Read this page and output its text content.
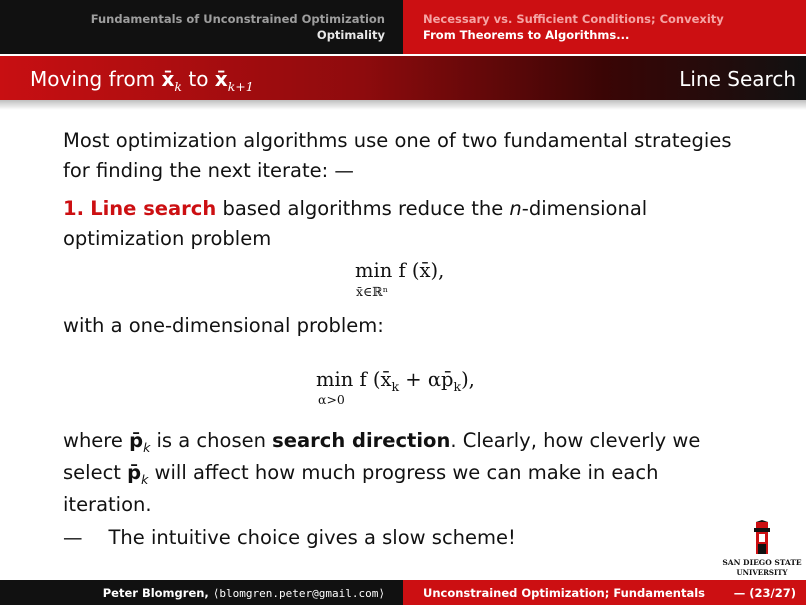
Fundamentals of Unconstrained Optimization
Optimality
Necessary vs. Sufficient Conditions; Convexity
From Theorems to Algorithms...
Moving from $x̄_k$ to $x̄_{k+1}$	Line Search

Most optimization algorithms use one of two fundamental strategies for finding the next iterate: —

1. Line search based algorithms reduce the n-dimensional optimization problem

min f (x̄),
x̄∈ℝⁿ

with a one-dimensional problem:

min f ($x̄_k$ + $\alpha p̄_k$),
α>0

where $p̄_k$ is a chosen search direction. Clearly, how cleverly we select $p̄_k$ will affect how much progress we can make in each iteration.

— The intuitive choice gives a slow scheme!

SAN DIEGO STATE
UNIVERSITY
Peter Blomgren, ⟨blomgren.peter@gmail.com⟩	Unconstrained Optimization; Fundamentals	— (23/27)
